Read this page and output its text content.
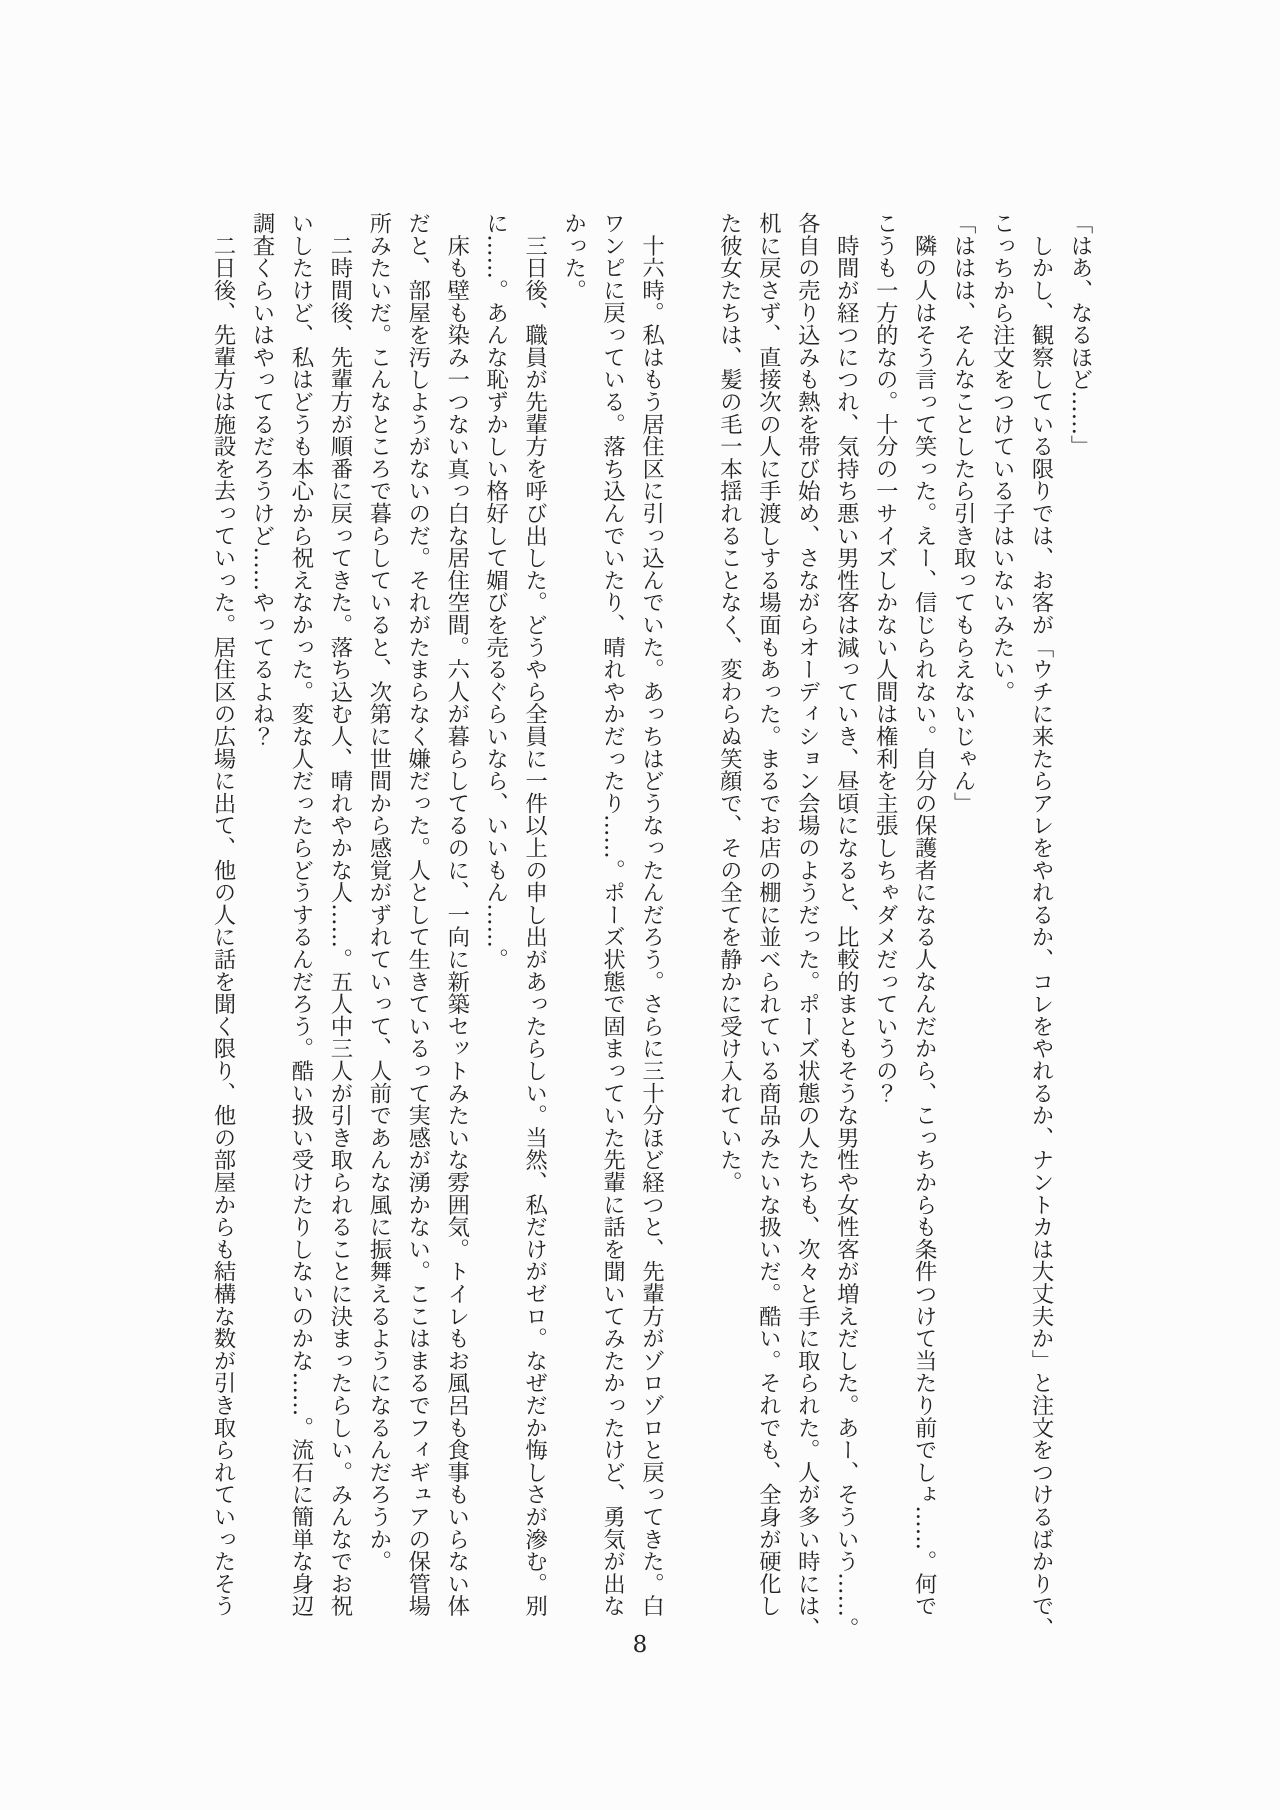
「はあ、なるほど……」
　しかし、観察している限りでは、お客が「ウチに来たらアレをやれるか、コレをやれるか、ナントカは大丈夫か」と注文をつけるばかりで、
こっちから注文をつけている子はいないみたい。
「ははは、そんなことしたら引き取ってもらえないじゃん」
　隣の人はそう言って笑った。えー、信じられない。自分の保護者になる人なんだから、こっちからも条件つけて当たり前でしょ……。何で
こうも一方的なの。十分の一サイズしかない人間は権利を主張しちゃダメだっていうの？
　時間が経つにつれ、気持ち悪い男性客は減っていき、昼頃になると、比較的まともそうな男性や女性客が増えだした。あー、そういう……。
各自の売り込みも熱を帯び始め、さながらオーディション会場のようだった。ポーズ状態の人たちも、次々と手に取られた。人が多い時には、
机に戻さず、直接次の人に手渡しする場面もあった。まるでお店の棚に並べられている商品みたいな扱いだ。酷い。それでも、全身が硬化し
た彼女たちは、髪の毛一本揺れることなく、変わらぬ笑顔で、その全てを静かに受け入れていた。

　十六時。私はもう居住区に引っ込んでいた。あっちはどうなったんだろう。さらに三十分ほど経つと、先輩方がゾロゾロと戻ってきた。白
ワンピに戻っている。落ち込んでいたり、晴れやかだったり……。ポーズ状態で固まっていた先輩に話を聞いてみたかったけど、勇気が出な
かった。
　三日後、職員が先輩方を呼び出した。どうやら全員に一件以上の申し出があったらしい。当然、私だけがゼロ。なぜだか悔しさが滲む。別
に……。あんな恥ずかしい格好して媚びを売るぐらいなら、いいもん……。
　床も壁も染み一つない真っ白な居住空間。六人が暮らしてるのに、一向に新築セットみたいな雰囲気。トイレもお風呂も食事もいらない体
だと、部屋を汚しようがないのだ。それがたまらなく嫌だった。人として生きているって実感が湧かない。ここはまるでフィギュアの保管場
所みたいだ。こんなところで暮らしていると、次第に世間から感覚がずれていって、人前であんな風に振舞えるようになるんだろうか。
　二時間後、先輩方が順番に戻ってきた。落ち込む人、晴れやかな人……。五人中三人が引き取られることに決まったらしい。みんなでお祝
いしたけど、私はどうも本心から祝えなかった。変な人だったらどうするんだろう。酷い扱い受けたりしないのかな……。流石に簡単な身辺
調査くらいはやってるだろうけど……やってるよね？
　二日後、先輩方は施設を去っていった。居住区の広場に出て、他の人に話を聞く限り、他の部屋からも結構な数が引き取られていったそう
8
